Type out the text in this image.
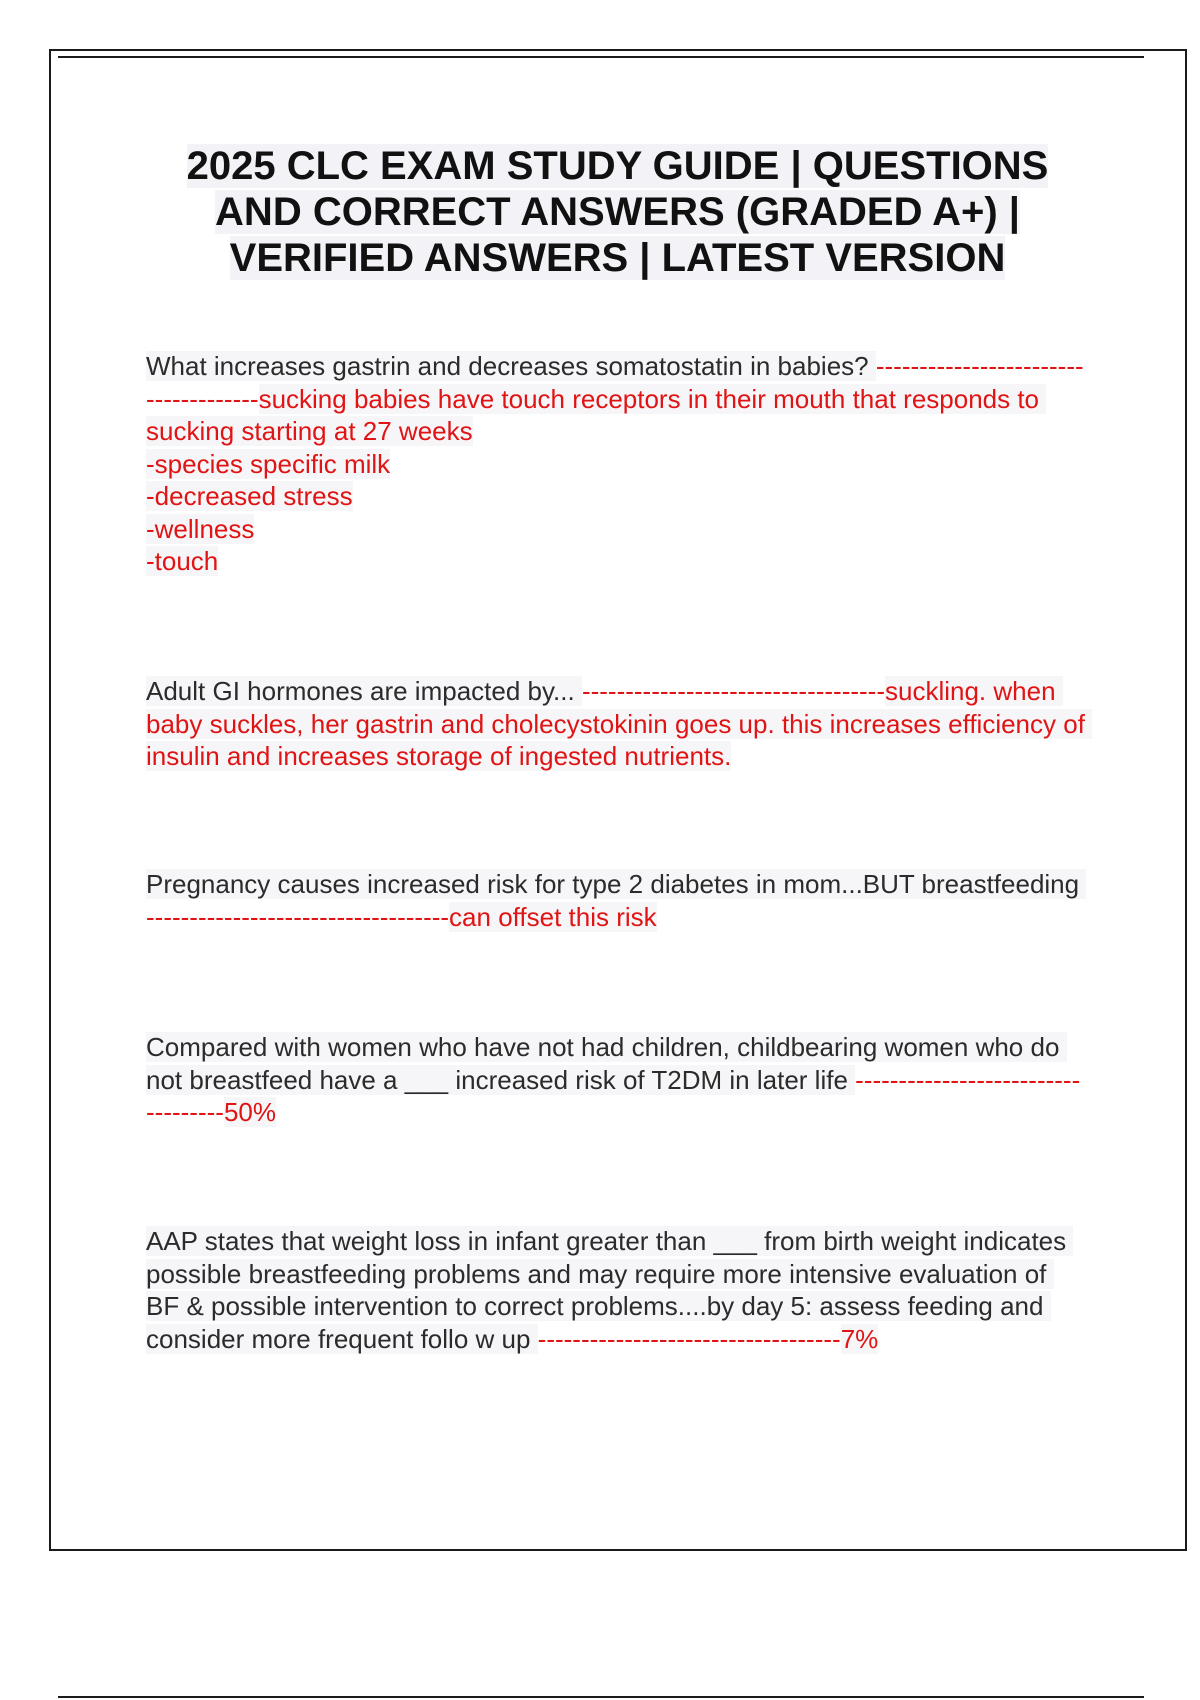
2025 CLC EXAM STUDY GUIDE | QUESTIONS AND CORRECT ANSWERS (GRADED A+) | VERIFIED ANSWERS | LATEST VERSION

What increases gastrin and decreases somatostatin in babies? -------------------------------------sucking babies have touch receptors in their mouth that responds to sucking starting at 27 weeks
-species specific milk
-decreased stress
-wellness
-touch

Adult GI hormones are impacted by... -----------------------------------suckling. when baby suckles, her gastrin and cholecystokinin goes up. this increases efficiency of insulin and increases storage of ingested nutrients.

Pregnancy causes increased risk for type 2 diabetes in mom...BUT breastfeeding -----------------------------------can offset this risk

Compared with women who have not had children, childbearing women who do not breastfeed have a ___ increased risk of T2DM in later life -----------------------------------50%

AAP states that weight loss in infant greater than ___ from birth weight indicates possible breastfeeding problems and may require more intensive evaluation of BF & possible intervention to correct problems....by day 5: assess feeding and consider more frequent follo w up -----------------------------------7%
